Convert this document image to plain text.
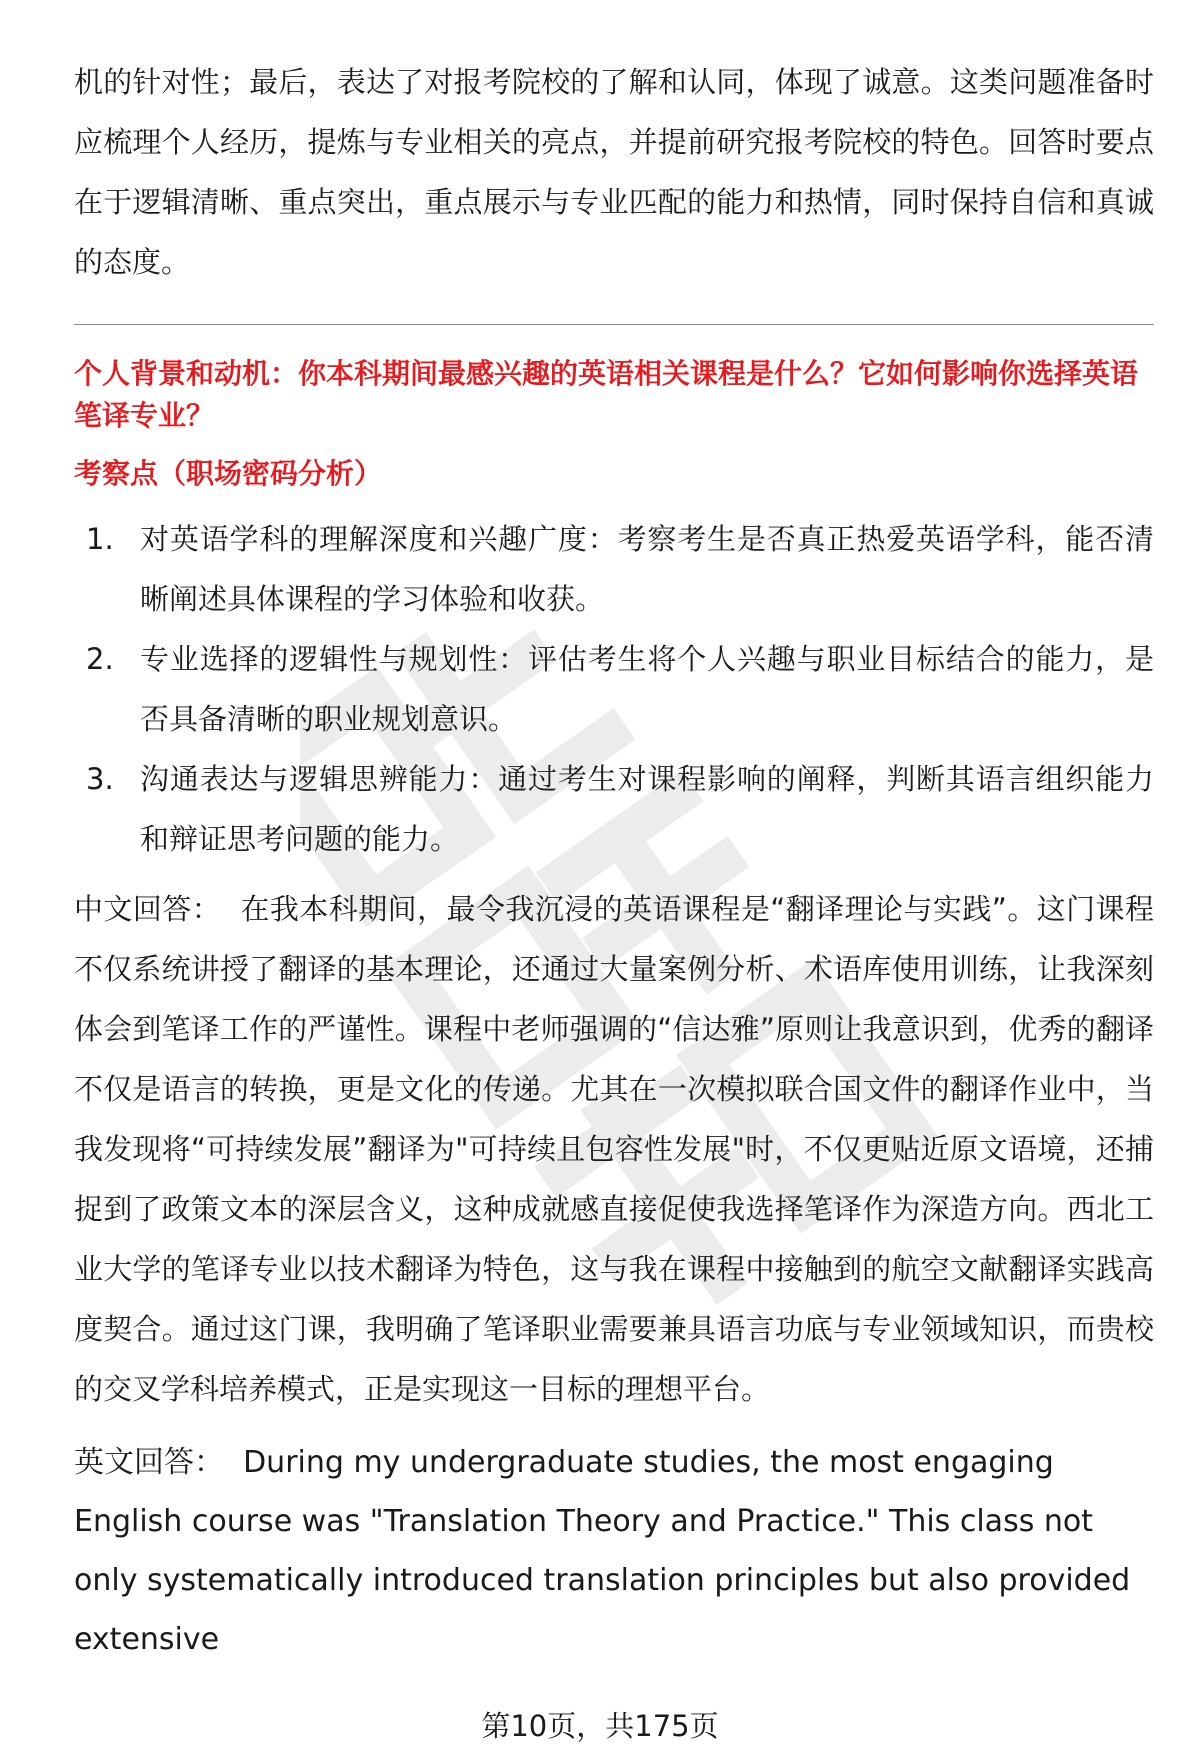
机的针对性；最后，表达了对报考院校的了解和认同，体现了诚意。这类问题准备时应梳理个人经历，提炼与专业相关的亮点，并提前研究报考院校的特色。回答时要点在于逻辑清晰、重点突出，重点展示与专业匹配的能力和热情，同时保持自信和真诚的态度。

个人背景和动机：你本科期间最感兴趣的英语相关课程是什么？它如何影响你选择英语笔译专业？
考察点（职场密码分析）
1. 对英语学科的理解深度和兴趣广度：考察考生是否真正热爱英语学科，能否清晰阐述具体课程的学习体验和收获。
2. 专业选择的逻辑性与规划性：评估考生将个人兴趣与职业目标结合的能力，是否具备清晰的职业规划意识。
3. 沟通表达与逻辑思辨能力：通过考生对课程影响的阐释，判断其语言组织能力和辩证思考问题的能力。

中文回答： 在我本科期间，最令我沉浸的英语课程是“翻译理论与实践”。这门课程不仅系统讲授了翻译的基本理论，还通过大量案例分析、术语库使用训练，让我深刻体会到笔译工作的严谨性。课程中老师强调的“信达雅”原则让我意识到，优秀的翻译不仅是语言的转换，更是文化的传递。尤其在一次模拟联合国文件的翻译作业中，当我发现将“可持续发展”翻译为"可持续且包容性发展"时，不仅更贴近原文语境，还捕捉到了政策文本的深层含义，这种成就感直接促使我选择笔译作为深造方向。西北工业大学的笔译专业以技术翻译为特色，这与我在课程中接触到的航空文献翻译实践高度契合。通过这门课，我明确了笔译职业需要兼具语言功底与专业领域知识，而贵校的交叉学科培养模式，正是实现这一目标的理想平台。

英文回答： During my undergraduate studies, the most engaging English course was "Translation Theory and Practice." This class not only systematically introduced translation principles but also provided extensive

第10页，共175页
